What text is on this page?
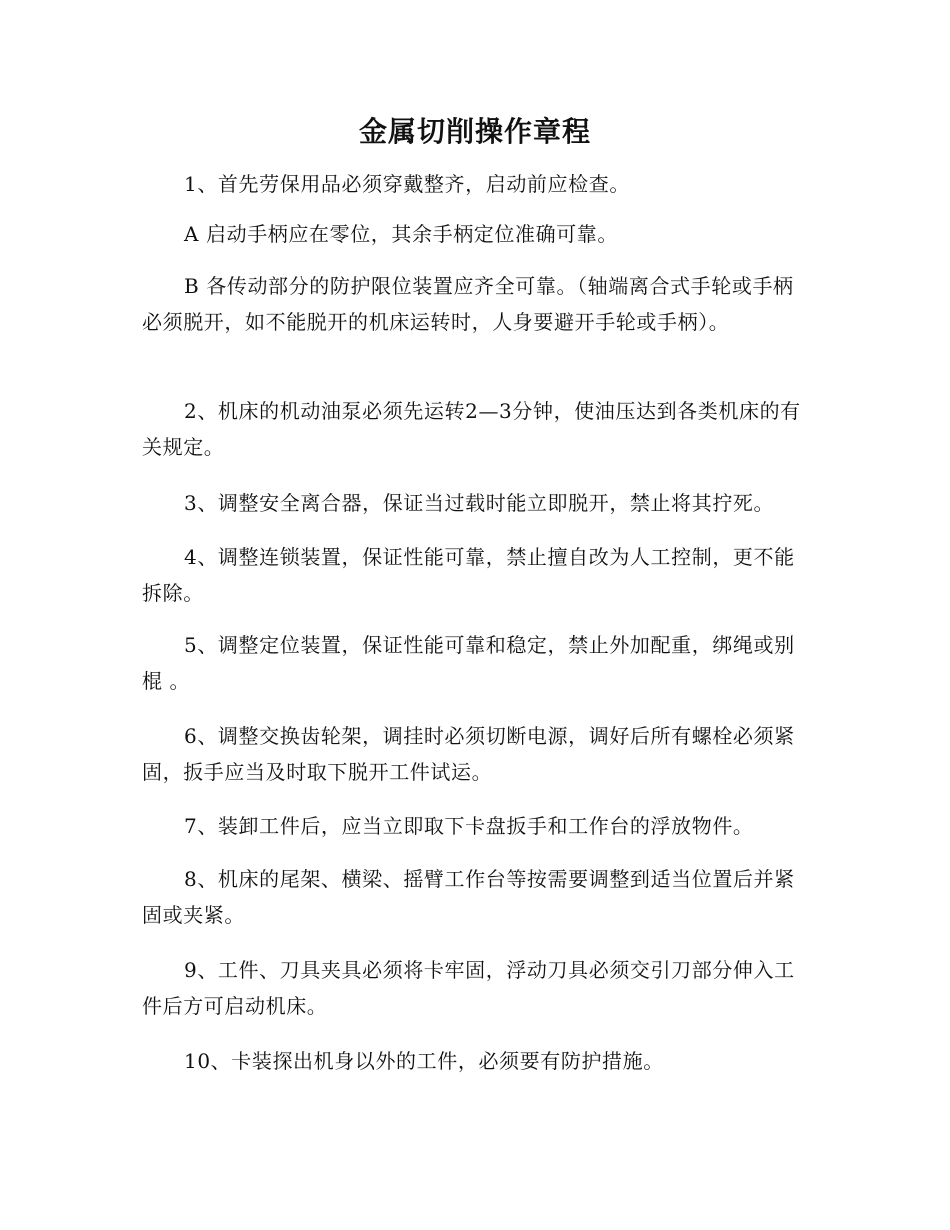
金属切削操作章程

1、首先劳保用品必须穿戴整齐，启动前应检查。

A 启动手柄应在零位，其余手柄定位准确可靠。

B 各传动部分的防护限位装置应齐全可靠。（轴端离合式手轮或手柄必须脱开，如不能脱开的机床运转时，人身要避开手轮或手柄）。

2、机床的机动油泵必须先运转2—3分钟，使油压达到各类机床的有关规定。

3、调整安全离合器，保证当过载时能立即脱开，禁止将其拧死。

4、调整连锁装置，保证性能可靠，禁止擅自改为人工控制，更不能拆除。

5、调整定位装置，保证性能可靠和稳定，禁止外加配重，绑绳或别棍 。

6、调整交换齿轮架，调挂时必须切断电源，调好后所有螺栓必须紧固，扳手应当及时取下脱开工件试运。

7、装卸工件后，应当立即取下卡盘扳手和工作台的浮放物件。

8、机床的尾架、横梁、摇臂工作台等按需要调整到适当位置后并紧固或夹紧。

9、工件、刀具夹具必须将卡牢固，浮动刀具必须交引刀部分伸入工件后方可启动机床。

10、卡装探出机身以外的工件，必须要有防护措施。
